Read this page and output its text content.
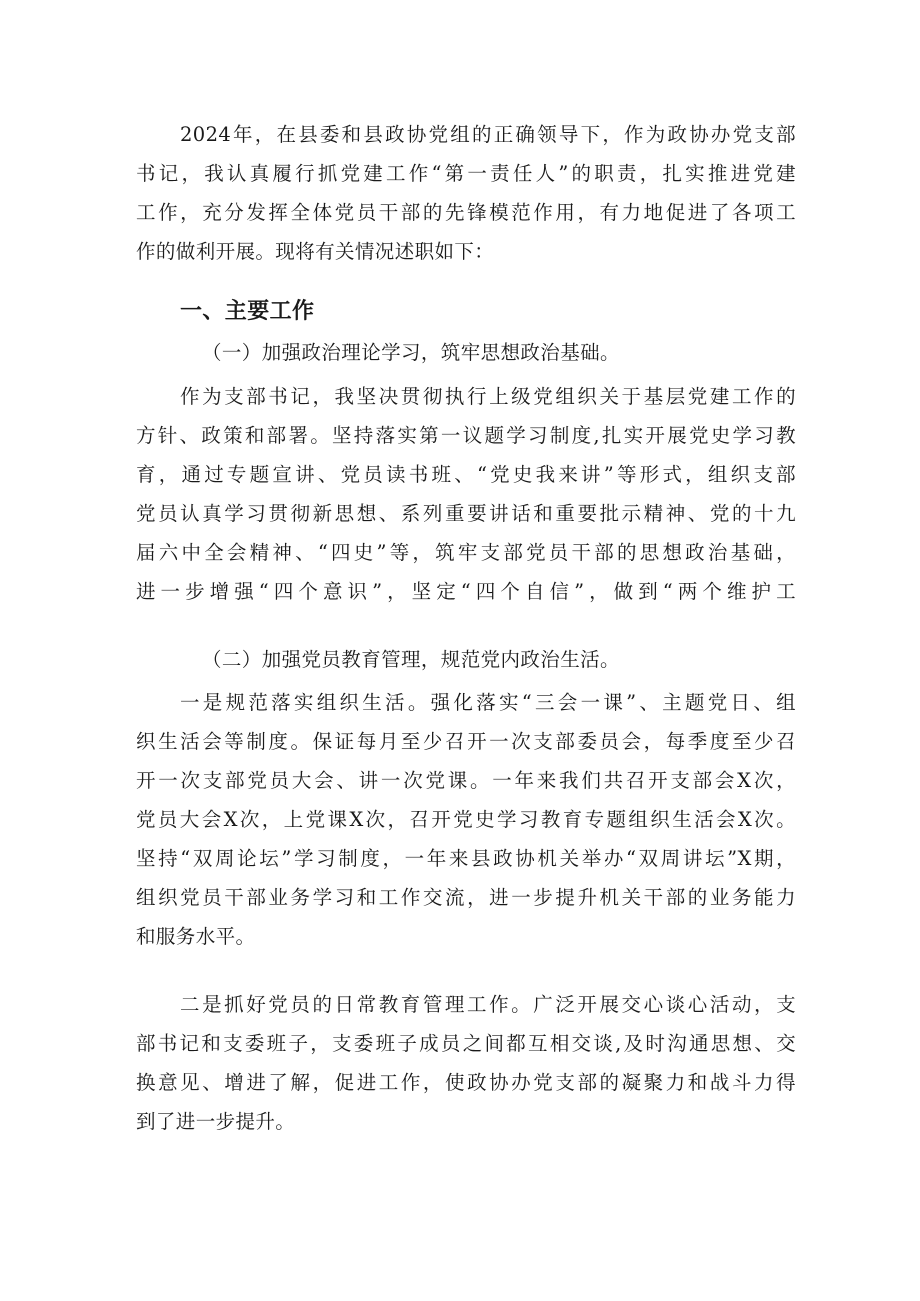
2024年，在县委和县政协党组的正确领导下，作为政协办党支部
书记，我认真履行抓党建工作“第一责任人”的职责，扎实推进党建
工作，充分发挥全体党员干部的先锋模范作用，有力地促进了各项工
作的做利开展。现将有关情况述职如下：
一、主要工作
（一）加强政治理论学习，筑牢思想政治基础。
作为支部书记，我坚决贯彻执行上级党组织关于基层党建工作的
方针、政策和部署。坚持落实第一议题学习制度,扎实开展党史学习教
育，通过专题宣讲、党员读书班、“党史我来讲”等形式，组织支部
党员认真学习贯彻新思想、系列重要讲话和重要批示精神、党的十九
届六中全会精神、“四史”等，筑牢支部党员干部的思想政治基础，
进一步增强“四个意识”，坚定“四个自信”，做到“两个维护工
（二）加强党员教育管理，规范党内政治生活。
一是规范落实组织生活。强化落实“三会一课”、主题党日、组
织生活会等制度。保证每月至少召开一次支部委员会，每季度至少召
开一次支部党员大会、讲一次党课。一年来我们共召开支部会X次，
党员大会X次，上党课X次，召开党史学习教育专题组织生活会X次。
坚持“双周论坛”学习制度，一年来县政协机关举办“双周讲坛”X期，
组织党员干部业务学习和工作交流，进一步提升机关干部的业务能力
和服务水平。
二是抓好党员的日常教育管理工作。广泛开展交心谈心活动，支
部书记和支委班子，支委班子成员之间都互相交谈,及时沟通思想、交
换意见、增进了解，促进工作，使政协办党支部的凝聚力和战斗力得
到了进一步提升。
